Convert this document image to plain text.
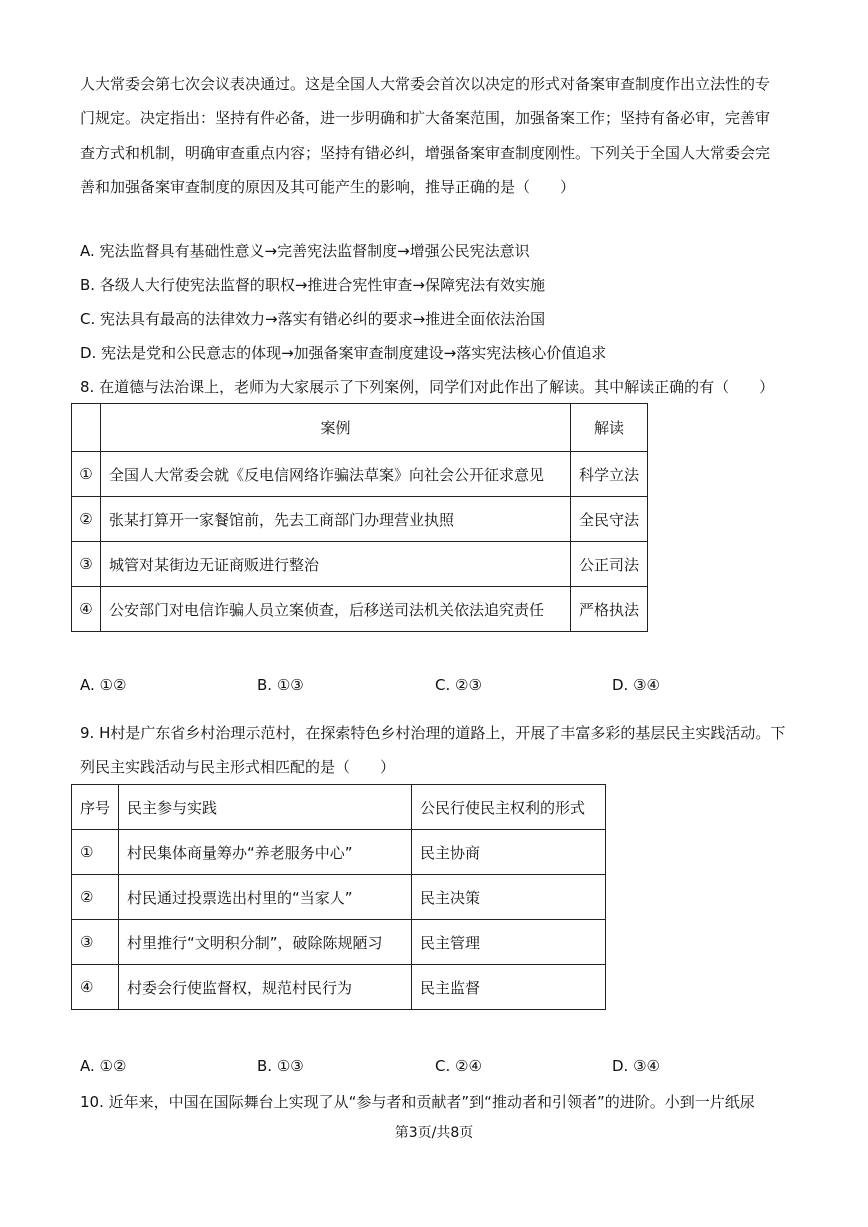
人大常委会第七次会议表决通过。这是全国人大常委会首次以决定的形式对备案审查制度作出立法性的专
门规定。决定指出：坚持有件必备，进一步明确和扩大备案范围，加强备案工作；坚持有备必审，完善审
查方式和机制，明确审查重点内容；坚持有错必纠，增强备案审查制度刚性。下列关于全国人大常委会完
善和加强备案审查制度的原因及其可能产生的影响，推导正确的是（　　）
A. 宪法监督具有基础性意义→完善宪法监督制度→增强公民宪法意识
B. 各级人大行使宪法监督的职权→推进合宪性审查→保障宪法有效实施
C. 宪法具有最高的法律效力→落实有错必纠的要求→推进全面依法治国
D. 宪法是党和公民意志的体现→加强备案审查制度建设→落实宪法核心价值追求
8. 在道德与法治课上，老师为大家展示了下列案例，同学们对此作出了解读。其中解读正确的有（　　）
	案例	解读
①	全国人大常委会就《反电信网络诈骗法草案》向社会公开征求意见	科学立法
②	张某打算开一家餐馆前，先去工商部门办理营业执照	全民守法
③	城管对某街边无证商贩进行整治	公正司法
④	公安部门对电信诈骗人员立案侦查，后移送司法机关依法追究责任	严格执法
A. ①②	B. ①③	C. ②③	D. ③④
9. H村是广东省乡村治理示范村，在探索特色乡村治理的道路上，开展了丰富多彩的基层民主实践活动。下
列民主实践活动与民主形式相匹配的是（　　）
序号	民主参与实践	公民行使民主权利的形式
①	村民集体商量筹办“养老服务中心”	民主协商
②	村民通过投票选出村里的“当家人”	民主决策
③	村里推行“文明积分制”，破除陈规陋习	民主管理
④	村委会行使监督权，规范村民行为	民主监督
A. ①②	B. ①③	C. ②④	D. ③④
10. 近年来，中国在国际舞台上实现了从“参与者和贡献者”到“推动者和引领者”的进阶。小到一片纸尿
第3页/共8页
